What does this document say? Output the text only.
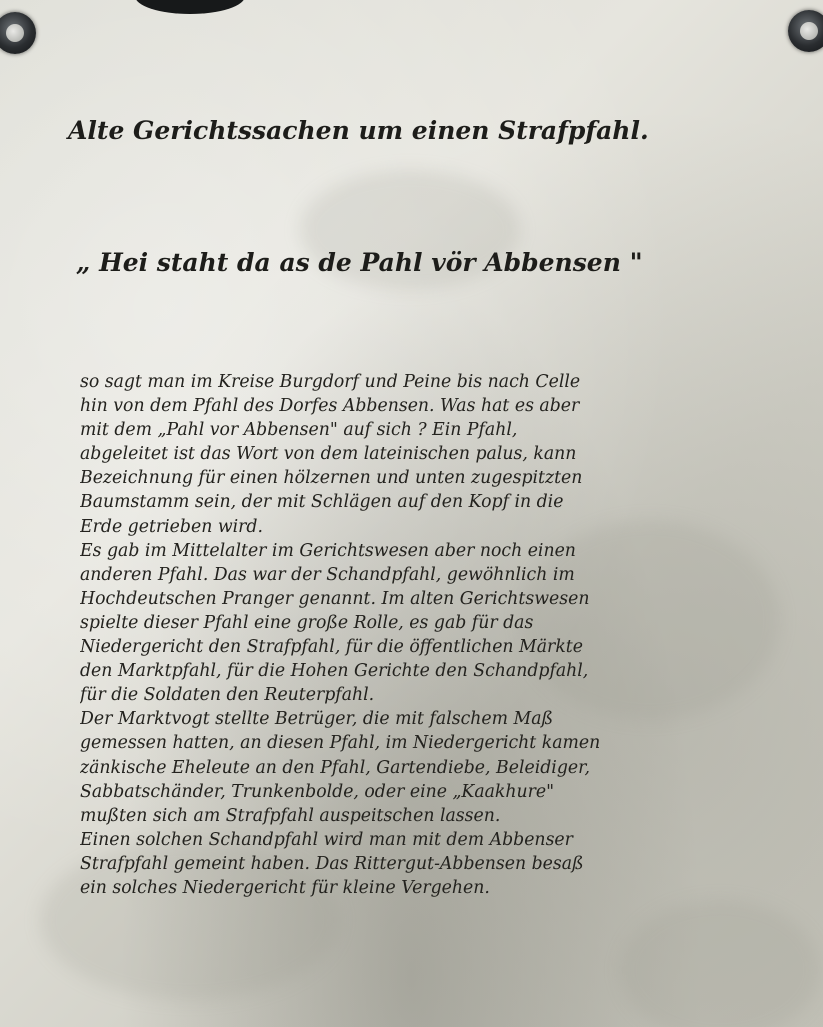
Alte Gerichtssachen um einen Strafpfahl.
„ Hei staht da as de Pahl vör Abbensen "
so sagt man im Kreise Burgdorf und Peine bis nach Celle
hin von dem Pfahl des Dorfes Abbensen. Was hat es aber
mit dem „Pahl vor Abbensen" auf sich ? Ein Pfahl,
abgeleitet ist das Wort von dem lateinischen palus, kann
Bezeichnung für einen hölzernen und unten zugespitzten
Baumstamm sein, der mit Schlägen auf den Kopf in die
Erde getrieben wird.
Es gab im Mittelalter im Gerichtswesen aber noch einen
anderen Pfahl. Das war der Schandpfahl, gewöhnlich im
Hochdeutschen Pranger genannt. Im alten Gerichtswesen
spielte dieser Pfahl eine große Rolle, es gab für das
Niedergericht den Strafpfahl, für die öffentlichen Märkte
den Marktpfahl, für die Hohen Gerichte den Schandpfahl,
für die Soldaten den Reuterpfahl.
Der Marktvogt stellte Betrüger, die mit falschem Maß
gemessen hatten, an diesen Pfahl, im Niedergericht kamen
zänkische Eheleute an den Pfahl, Gartendiebe, Beleidiger,
Sabbatschänder, Trunkenbolde, oder eine „Kaakhure"
mußten sich am Strafpfahl auspeitschen lassen.
Einen solchen Schandpfahl wird man mit dem Abbenser
Strafpfahl gemeint haben. Das Rittergut-Abbensen besaß
ein solches Niedergericht für kleine Vergehen.
